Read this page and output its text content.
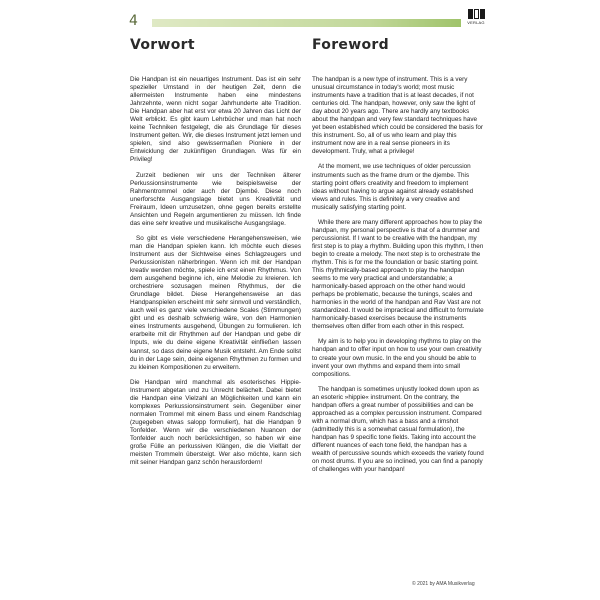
4	VERLAG
Vorwort

Die Handpan ist ein neuartiges Instrument. Das ist ein sehr spezieller Umstand in der heutigen Zeit, denn die allermeisten Instrumente haben eine mindestens Jahrzehnte, wenn nicht sogar Jahrhunderte alte Tradition. Die Handpan aber hat erst vor etwa 20 Jahren das Licht der Welt erblickt. Es gibt kaum Lehrbücher und man hat noch keine Techniken festgelegt, die als Grundlage für dieses Instrument gelten. Wir, die dieses Instrument jetzt lernen und spielen, sind also gewissermaßen Pioniere in der Entwicklung der zukünftigen Grundlagen. Was für ein Privileg!

Zurzeit bedienen wir uns der Techniken älterer Perkussionsinstrumente wie beispielsweise der Rahmentrommel oder auch der Djembé. Diese noch unerforschte Ausgangslage bietet uns Kreativität und Freiraum, Ideen umzusetzen, ohne gegen bereits erstellte Ansichten und Regeln argumentieren zu müssen. Ich finde das eine sehr kreative und musikalische Ausgangslage.

So gibt es viele verschiedene Herangehensweisen, wie man die Handpan spielen kann. Ich möchte euch dieses Instrument aus der Sichtweise eines Schlagzeugers und Perkussionisten näherbringen. Wenn ich mit der Handpan kreativ werden möchte, spiele ich erst einen Rhythmus. Von dem ausgehend beginne ich, eine Melodie zu kreieren. Ich orchestriere sozusagen meinen Rhythmus, der die Grundlage bildet. Diese Herangehensweise an das Handpanspielen erscheint mir sehr sinnvoll und verständlich, auch weil es ganz viele verschiedene Scales (Stimmungen) gibt und es deshalb schwierig wäre, von den Harmonien eines Instruments ausgehend, Übungen zu formulieren. Ich erarbeite mit dir Rhythmen auf der Handpan und gebe dir Inputs, wie du deine eigene Kreativität einfließen lassen kannst, so dass deine eigene Musik entsteht. Am Ende sollst du in der Lage sein, deine eigenen Rhythmen zu formen und zu kleinen Kompositionen zu erweitern.

Die Handpan wird manchmal als esoterisches Hippie-Instrument abgetan und zu Unrecht belächelt. Dabei bietet die Handpan eine Vielzahl an Möglichkeiten und kann ein komplexes Perkussionsinstrument sein. Gegenüber einer normalen Trommel mit einem Bass und einem Randschlag (zugegeben etwas salopp formuliert), hat die Handpan 9 Tonfelder. Wenn wir die verschiedenen Nuancen der Tonfelder auch noch berücksichtigen, so haben wir eine große Fülle an perkussiven Klängen, die die Vielfalt der meisten Trommeln übersteigt. Wer also möchte, kann sich mit seiner Handpan ganz schön herausfordern!

Foreword

The handpan is a new type of instrument. This is a very unusual circumstance in today's world; most music instruments have a tradition that is at least decades, if not centuries old. The handpan, however, only saw the light of day about 20 years ago. There are hardly any textbooks about the handpan and very few standard techniques have yet been established which could be considered the basis for this instrument. So, all of us who learn and play this instrument now are in a real sense pioneers in its development. Truly, what a privilege!

At the moment, we use techniques of older percussion instruments such as the frame drum or the djembe. This starting point offers creativity and freedom to implement ideas without having to argue against already established views and rules. This is definitely a very creative and musically satisfying starting point.

While there are many different approaches how to play the handpan, my personal perspective is that of a drummer and percussionist. If I want to be creative with the handpan, my first step is to play a rhythm. Building upon this rhythm, I then begin to create a melody. The next step is to orchestrate the rhythm. This is for me the foundation or basic starting point. This rhythmically-based approach to play the handpan seems to me very practical and understandable; a harmonically-based approach on the other hand would perhaps be problematic, because the tunings, scales and harmonies in the world of the handpan and Rav Vast are not standardized. It would be impractical and difficult to formulate harmonically-based exercises because the instruments themselves often differ from each other in this respect.

My aim is to help you in developing rhythms to play on the handpan and to offer input on how to use your own creativity to create your own music. In the end you should be able to invent your own rhythms and expand them into small compositions.

The handpan is sometimes unjustly looked down upon as an esoteric »hippie« instrument. On the contrary, the handpan offers a great number of possibilities and can be approached as a complex percussion instrument. Compared with a normal drum, which has a bass and a rimshot (admittedly this is a somewhat casual formulation), the handpan has 9 specific tone fields. Taking into account the different nuances of each tone field, the handpan has a wealth of percussive sounds which exceeds the variety found on most drums. If you are so inclined, you can find a panoply of challenges with your handpan!

© 2021 by AMA Musikverlag
